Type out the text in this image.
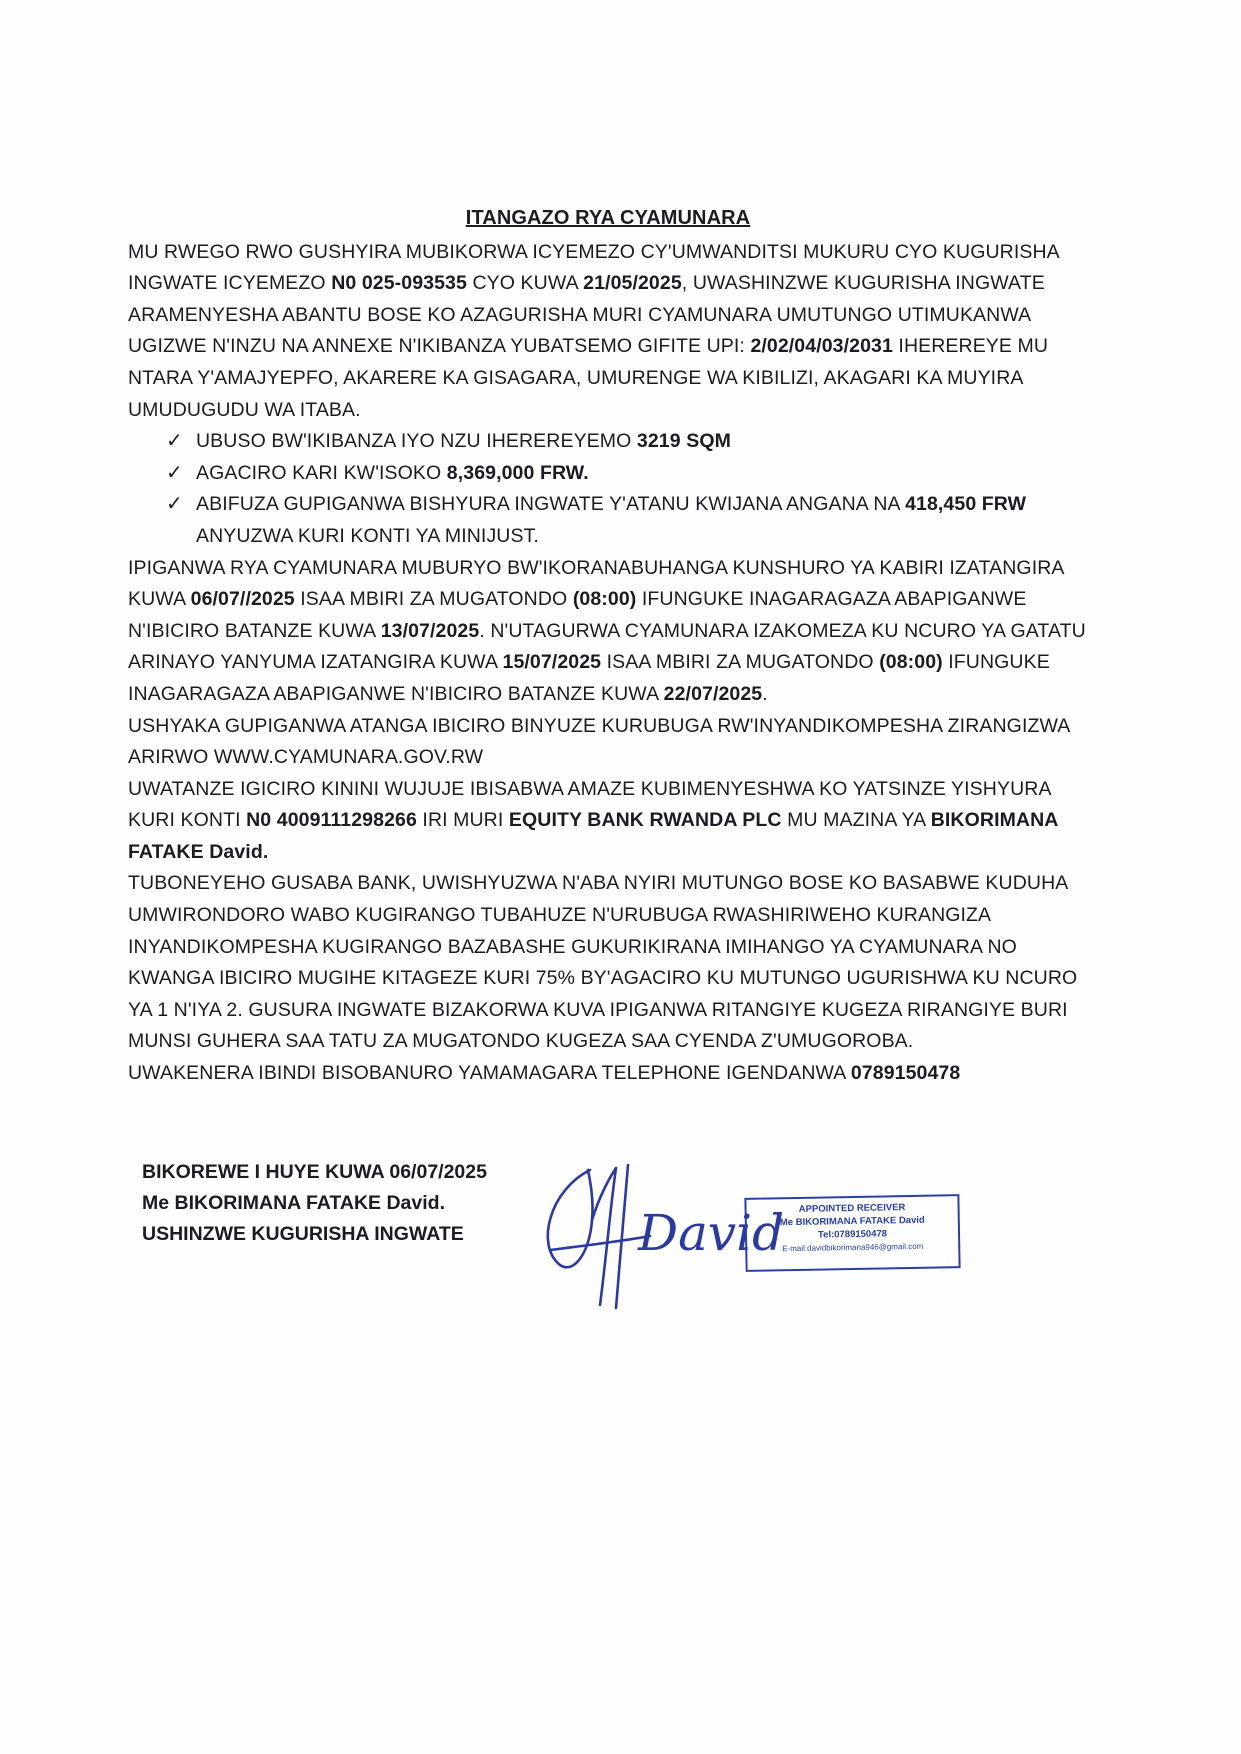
ITANGAZO RYA CYAMUNARA

MU RWEGO RWO GUSHYIRA MUBIKORWA ICYEMEZO CY'UMWANDITSI MUKURU CYO KUGURISHA INGWATE ICYEMEZO N0 025-093535 CYO KUWA 21/05/2025, UWASHINZWE KUGURISHA INGWATE ARAMENYESHA ABANTU BOSE KO AZAGURISHA MURI CYAMUNARA UMUTUNGO UTIMUKANWA UGIZWE N'INZU NA ANNEXE N'IKIBANZA YUBATSEMO GIFITE UPI: 2/02/04/03/2031 IHEREREYE MU NTARA Y'AMAJYEPFO, AKARERE KA GISAGARA, UMURENGE WA KIBILIZI, AKAGARI KA MUYIRA UMUDUGUDU WA ITABA.

✓ UBUSO BW'IKIBANZA IYO NZU IHEREREYEMO 3219 SQM
✓ AGACIRO KARI KW'ISOKO 8,369,000 FRW.
✓ ABIFUZA GUPIGANWA BISHYURA INGWATE Y'ATANU KWIJANA ANGANA NA 418,450 FRW ANYUZWA KURI KONTI YA MINIJUST.

IPIGANWA RYA CYAMUNARA MUBURYO BW'IKORANABUHANGA KUNSHURO YA KABIRI IZATANGIRA KUWA 06/07//2025 ISAA MBIRI ZA MUGATONDO (08:00) IFUNGUKE INAGARAGAZA ABAPIGANWE N'IBICIRO BATANZE KUWA 13/07/2025. N'UTAGURWA CYAMUNARA IZAKOMEZA KU NCURO YA GATATU ARINAYO YANYUMA IZATANGIRA KUWA 15/07/2025 ISAA MBIRI ZA MUGATONDO (08:00) IFUNGUKE INAGARAGAZA ABAPIGANWE N'IBICIRO BATANZE KUWA 22/07/2025.

USHYAKA GUPIGANWA ATANGA IBICIRO BINYUZE KURUBUGA RW'INYANDIKOMPESHA ZIRANGIZWA ARIRWO WWW.CYAMUNARA.GOV.RW

UWATANZE IGICIRO KININI WUJUJE IBISABWA AMAZE KUBIMENYESHWA KO YATSINZE YISHYURA KURI KONTI N0 4009111298266 IRI MURI EQUITY BANK RWANDA PLC MU MAZINA YA BIKORIMANA FATAKE David.

TUBONEYEHO GUSABA BANK, UWISHYUZWA N'ABA NYIRI MUTUNGO BOSE KO BASABWE KUDUHA UMWIRONDORO WABO KUGIRANGO TUBAHUZE N'URUBUGA RWASHIRIWEHO KURANGIZA INYANDIKOMPESHA KUGIRANGO BAZABASHE GUKURIKIRANA IMIHANGO YA CYAMUNARA NO KWANGA IBICIRO MUGIHE KITAGEZE KURI 75% BY'AGACIRO KU MUTUNGO UGURISHWA KU NCURO YA 1 N'IYA 2. GUSURA INGWATE BIZAKORWA KUVA IPIGANWA RITANGIYE KUGEZA RIRANGIYE BURI MUNSI GUHERA SAA TATU ZA MUGATONDO KUGEZA SAA CYENDA Z'UMUGOROBA.

UWAKENERA IBINDI BISOBANURO YAMAMAGARA TELEPHONE IGENDANWA 0789150478

BIKOREWE I HUYE KUWA 06/07/2025
Me BIKORIMANA FATAKE David.
USHINZWE KUGURISHA INGWATE	David	APPOINTED RECEIVER
Me BIKORIMANA FATAKE David
Tel:0789150478
E-mail:davidbikorimana946@gmail.com
